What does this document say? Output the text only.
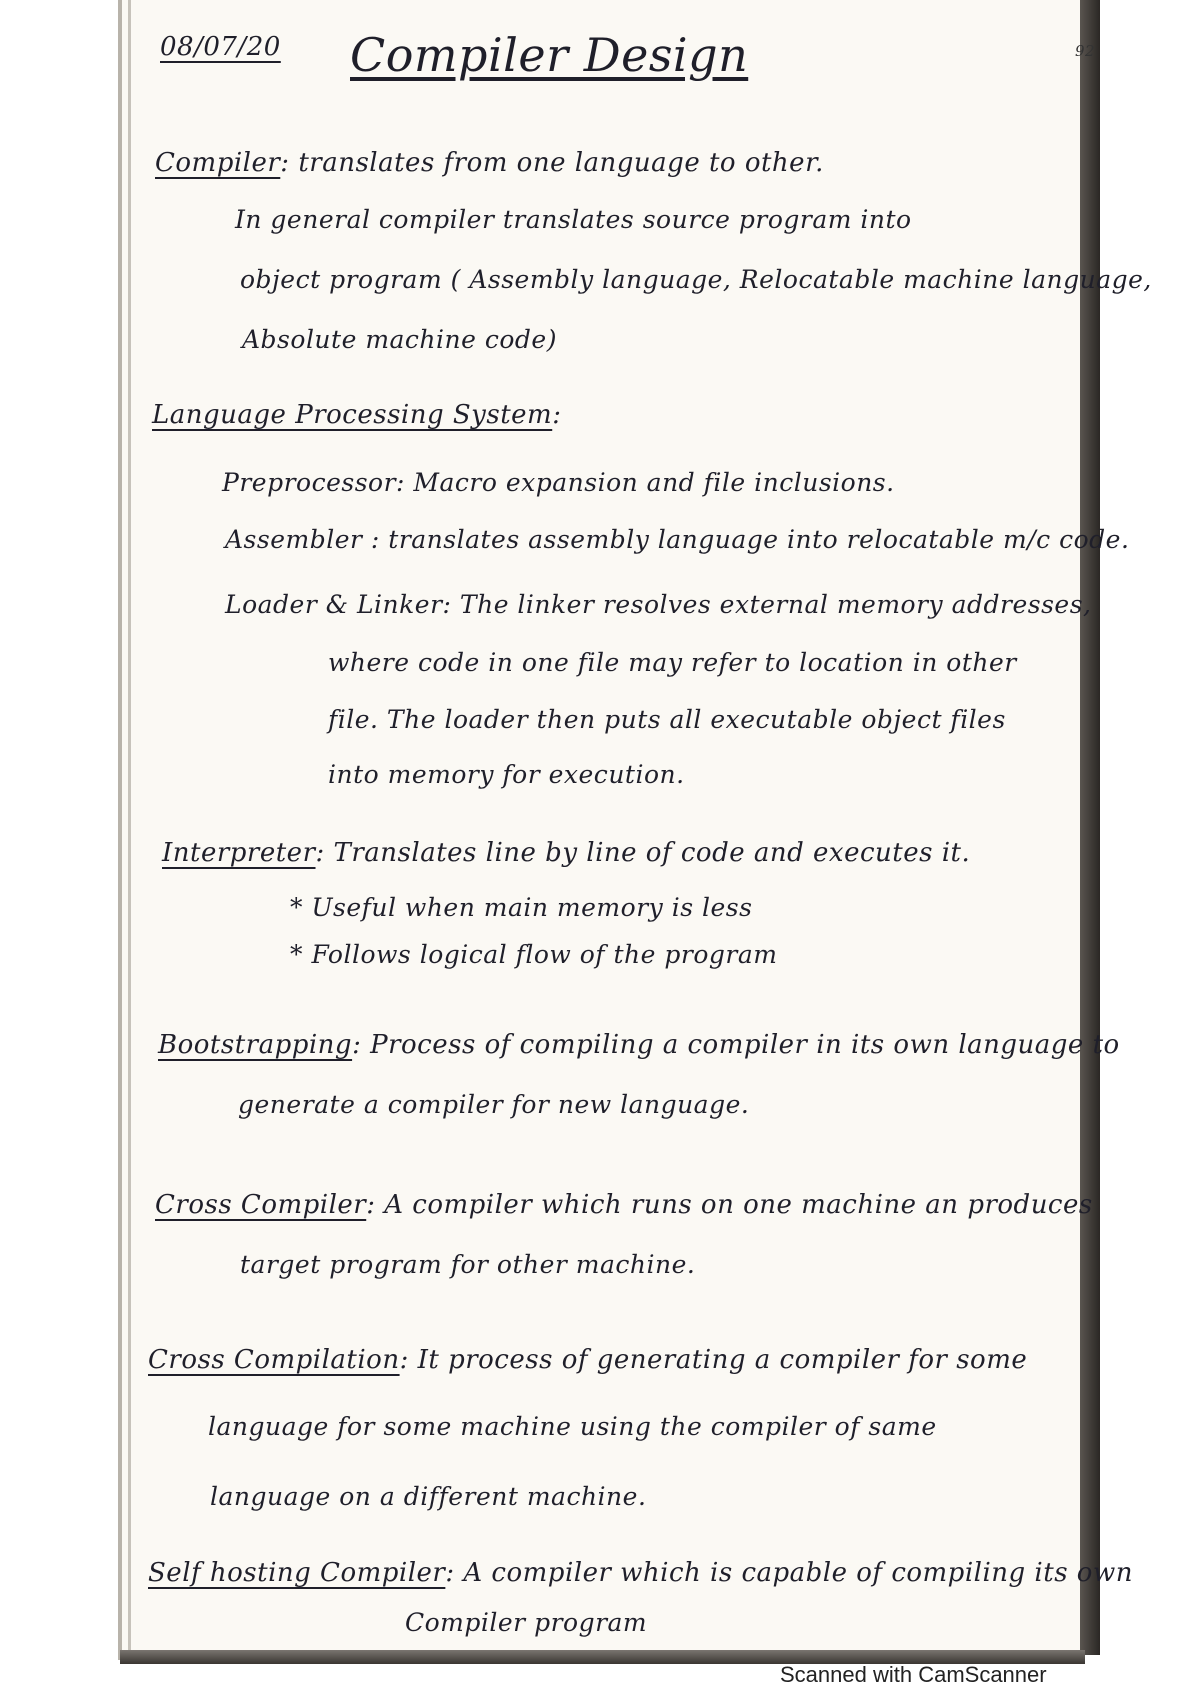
08/07/20 Compiler Design	92
Compiler: translates from one language to other.
In general compiler translates source program into
object program ( Assembly language, Relocatable machine language,
Absolute machine code)
Language Processing System:
Preprocessor: Macro expansion and file inclusions.
Assembler : translates assembly language into relocatable m/c code.
Loader & Linker: The linker resolves external memory addresses,
where code in one file may refer to location in other
file. The loader then puts all executable object files
into memory for execution.
Interpreter: Translates line by line of code and executes it.
* Useful when main memory is less
* Follows logical flow of the program
Bootstrapping: Process of compiling a compiler in its own language to
generate a compiler for new language.
Cross Compiler: A compiler which runs on one machine an produces
target program for other machine.
Cross Compilation: It process of generating a compiler for some
language for some machine using the compiler of same
language on a different machine.
Self hosting Compiler: A compiler which is capable of compiling its own
Compiler program
Scanned with CamScanner
